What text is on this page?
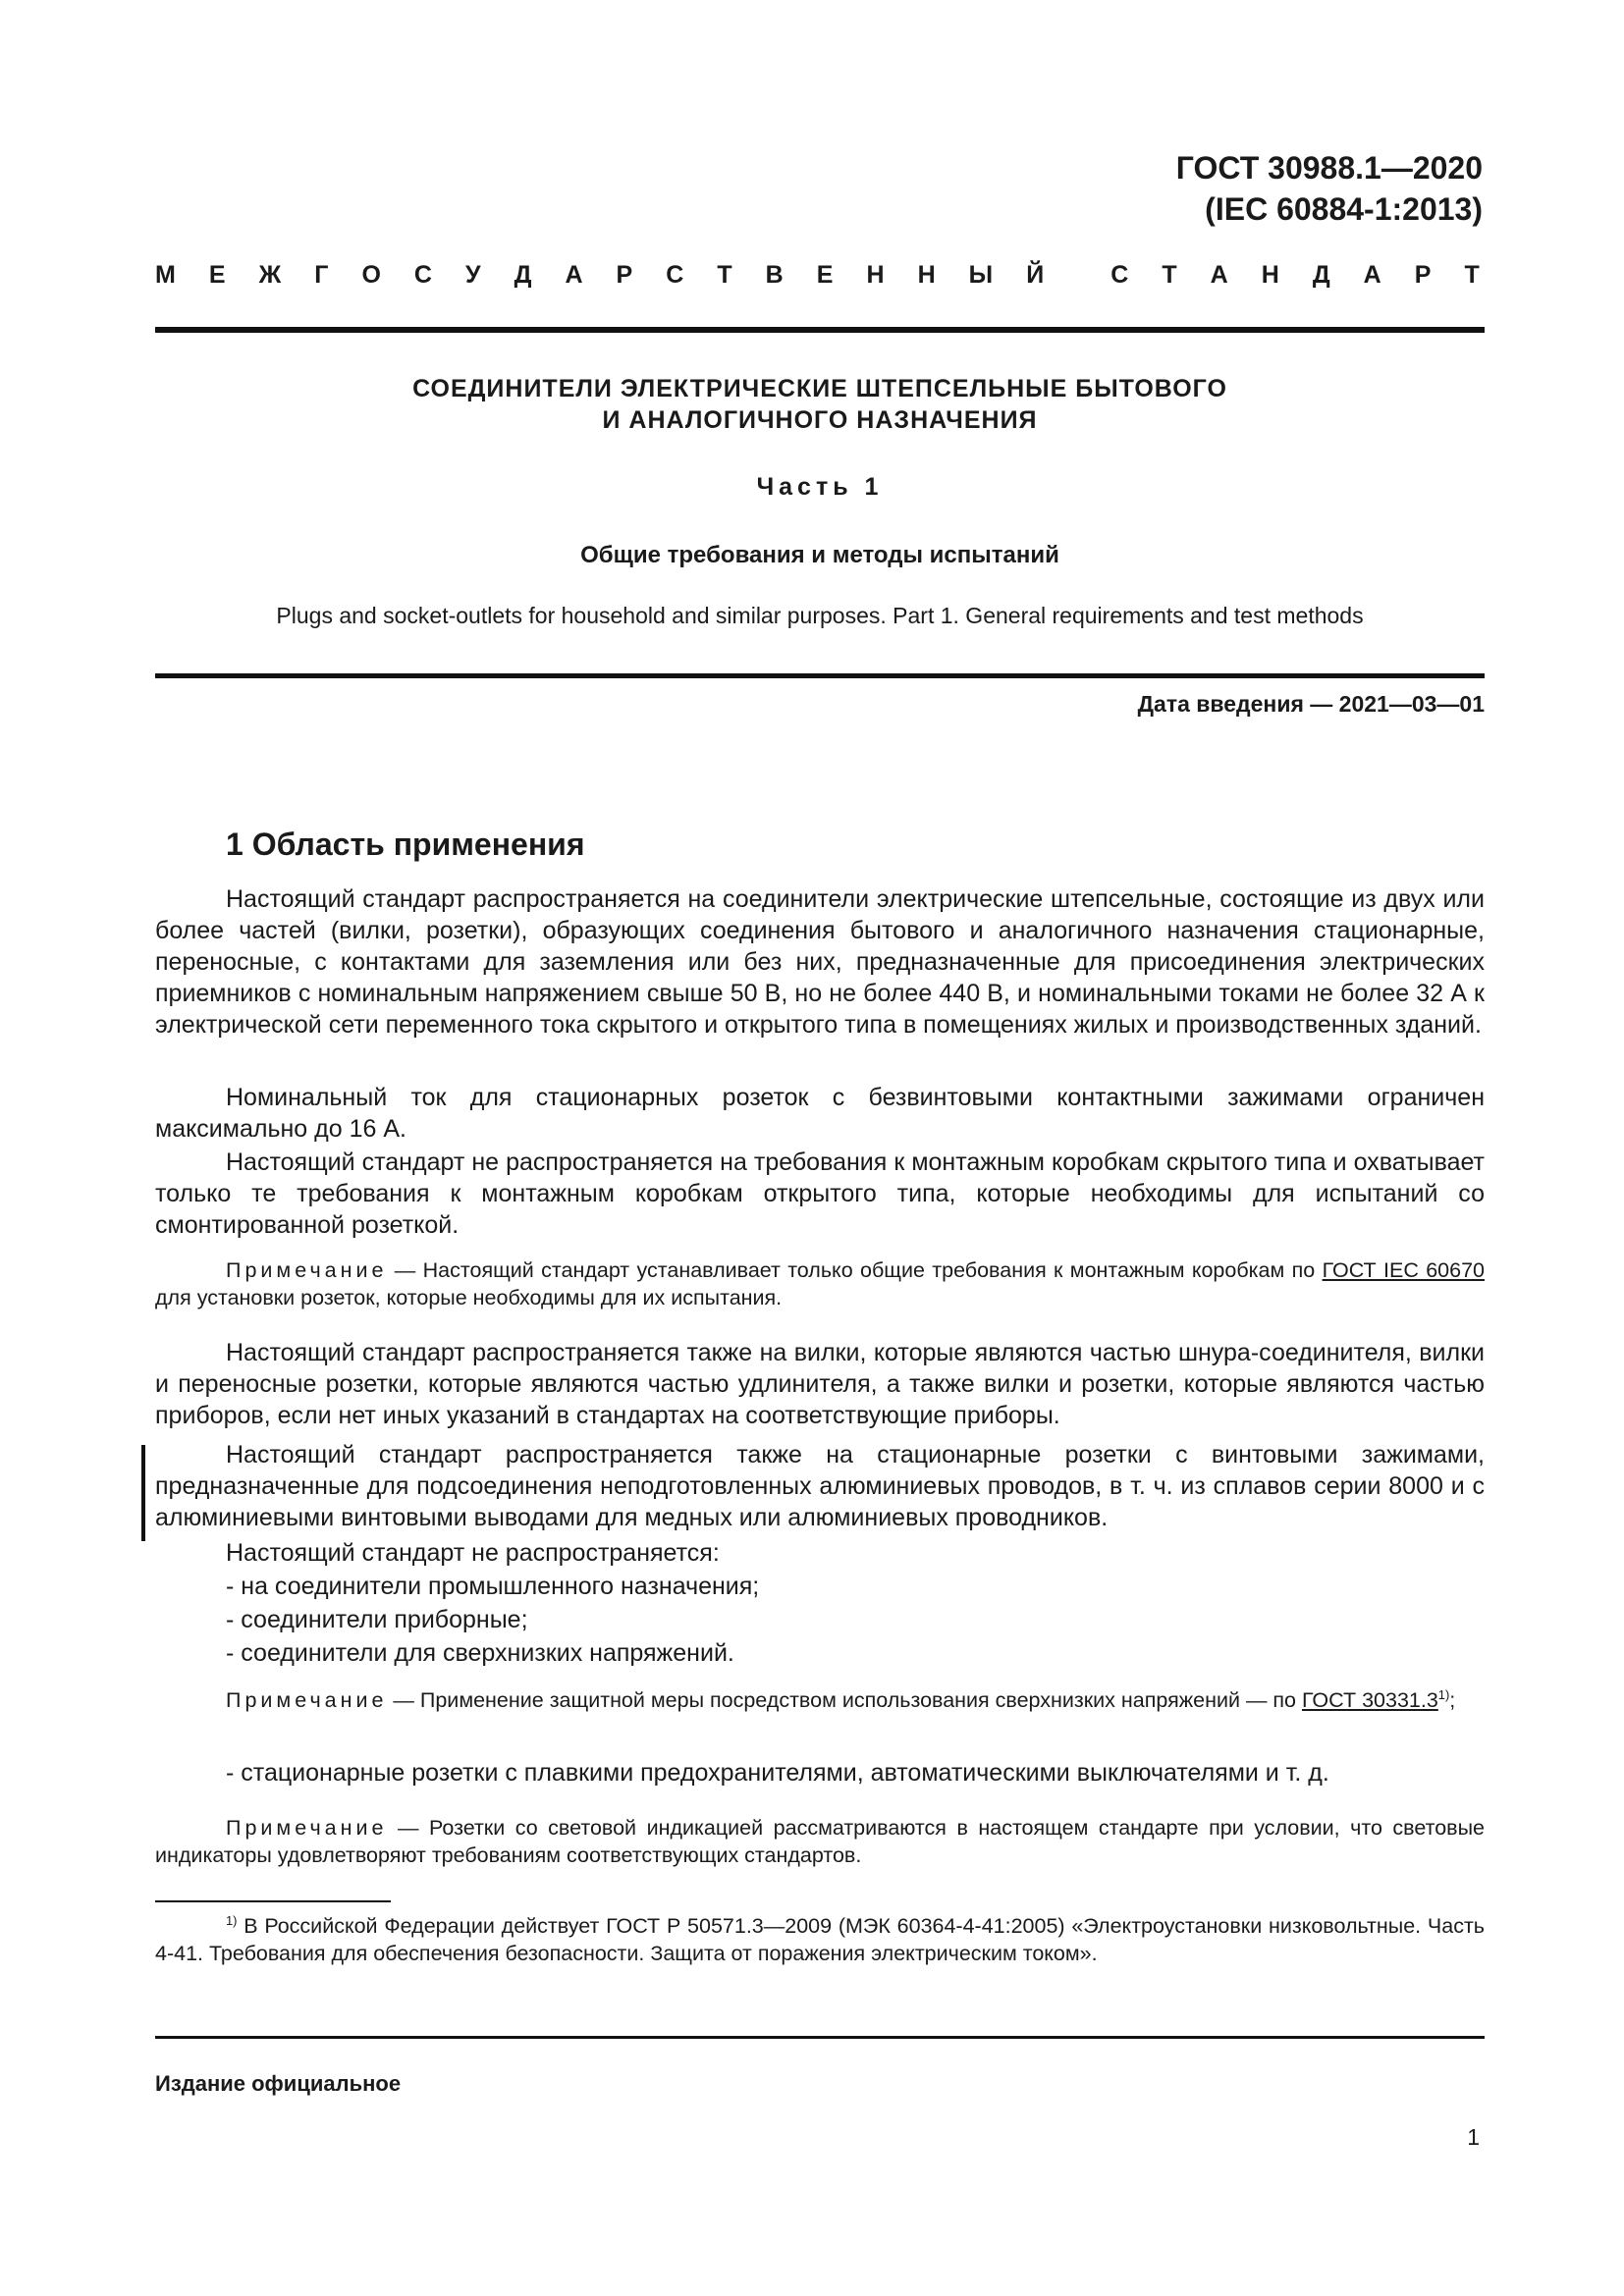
ГОСТ 30988.1—2020
(IEC 60884-1:2013)
М Е Ж Г О С У Д А Р С Т В Е Н Н Ы Й	С Т А Н Д А Р Т
СОЕДИНИТЕЛИ ЭЛЕКТРИЧЕСКИЕ ШТЕПСЕЛЬНЫЕ БЫТОВОГО
И АНАЛОГИЧНОГО НАЗНАЧЕНИЯ
Часть 1
Общие требования и методы испытаний
Plugs and socket-outlets for household and similar purposes. Part 1. General requirements and test methods
Дата введения — 2021—03—01
1 Область применения
Настоящий стандарт распространяется на соединители электрические штепсельные, состоящие из двух или более частей (вилки, розетки), образующих соединения бытового и аналогичного назначения стационарные, переносные, с контактами для заземления или без них, предназначенные для присоединения электрических приемников с номинальным напряжением свыше 50 В, но не более 440 В, и номинальными токами не более 32 А к электрической сети переменного тока скрытого и открытого типа в помещениях жилых и производственных зданий.
Номинальный ток для стационарных розеток с безвинтовыми контактными зажимами ограничен максимально до 16 А.
Настоящий стандарт не распространяется на требования к монтажным коробкам скрытого типа и охватывает только те требования к монтажным коробкам открытого типа, которые необходимы для испытаний со смонтированной розеткой.
Примечание — Настоящий стандарт устанавливает только общие требования к монтажным коробкам по ГОСТ IEC 60670 для установки розеток, которые необходимы для их испытания.
Настоящий стандарт распространяется также на вилки, которые являются частью шнура-соединителя, вилки и переносные розетки, которые являются частью удлинителя, а также вилки и розетки, которые являются частью приборов, если нет иных указаний в стандартах на соответствующие приборы.
Настоящий стандарт распространяется также на стационарные розетки с винтовыми зажимами, предназначенные для подсоединения неподготовленных алюминиевых проводов, в т. ч. из сплавов серии 8000 и с алюминиевыми винтовыми выводами для медных или алюминиевых проводников.
Настоящий стандарт не распространяется:
- на соединители промышленного назначения;
- соединители приборные;
- соединители для сверхнизких напряжений.
Примечание — Применение защитной меры посредством использования сверхнизких напряжений — по ГОСТ 30331.3$^{1)}$;
- стационарные розетки с плавкими предохранителями, автоматическими выключателями и т. д.
Примечание — Розетки со световой индикацией рассматриваются в настоящем стандарте при условии, что световые индикаторы удовлетворяют требованиям соответствующих стандартов.
$^{1)}$ В Российской Федерации действует ГОСТ Р 50571.3—2009 (МЭК 60364-4-41:2005) «Электроустановки низковольтные. Часть 4-41. Требования для обеспечения безопасности. Защита от поражения электрическим током».
Издание официальное
1
